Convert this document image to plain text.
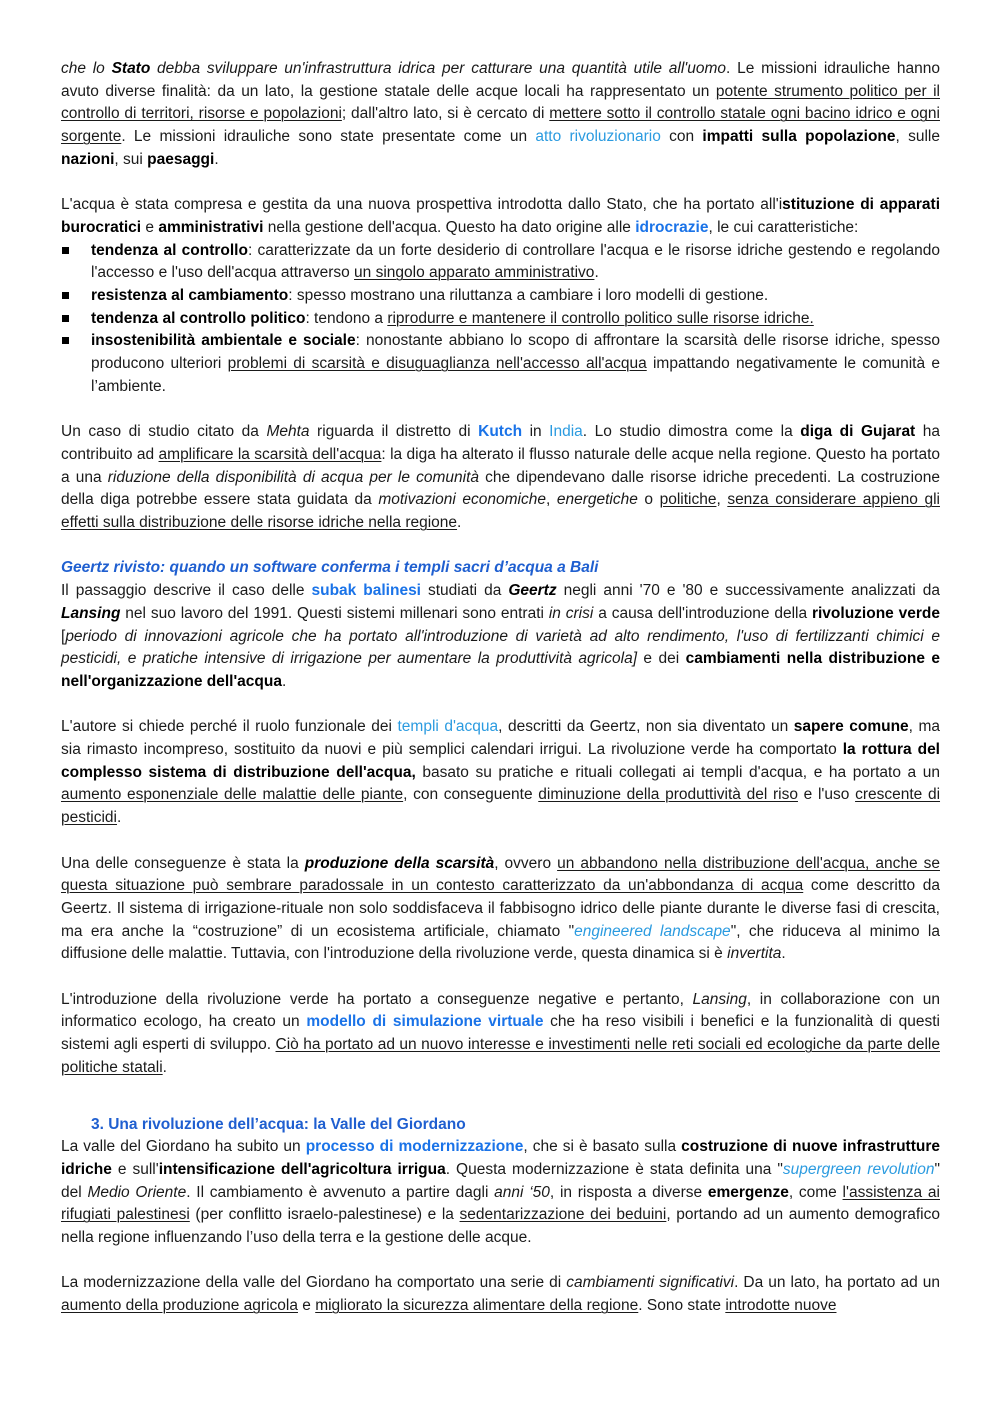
che lo Stato debba sviluppare un'infrastruttura idrica per catturare una quantità utile all'uomo. Le missioni idrauliche hanno avuto diverse finalità: da un lato, la gestione statale delle acque locali ha rappresentato un potente strumento politico per il controllo di territori, risorse e popolazioni; dall'altro lato, si è cercato di mettere sotto il controllo statale ogni bacino idrico e ogni sorgente. Le missioni idrauliche sono state presentate come un atto rivoluzionario con impatti sulla popolazione, sulle nazioni, sui paesaggi.

L'acqua è stata compresa e gestita da una nuova prospettiva introdotta dallo Stato, che ha portato all'istituzione di apparati burocratici e amministrativi nella gestione dell'acqua. Questo ha dato origine alle idrocrazie, le cui caratteristiche:

tendenza al controllo: caratterizzate da un forte desiderio di controllare l'acqua e le risorse idriche gestendo e regolando l'accesso e l'uso dell'acqua attraverso un singolo apparato amministrativo.
resistenza al cambiamento: spesso mostrano una riluttanza a cambiare i loro modelli di gestione.
tendenza al controllo politico: tendono a riprodurre e mantenere il controllo politico sulle risorse idriche.
insostenibilità ambientale e sociale: nonostante abbiano lo scopo di affrontare la scarsità delle risorse idriche, spesso producono ulteriori problemi di scarsità e disuguaglianza nell'accesso all'acqua impattando negativamente le comunità e l’ambiente.

Un caso di studio citato da Mehta riguarda il distretto di Kutch in India. Lo studio dimostra come la diga di Gujarat ha contribuito ad amplificare la scarsità dell'acqua: la diga ha alterato il flusso naturale delle acque nella regione. Questo ha portato a una riduzione della disponibilità di acqua per le comunità che dipendevano dalle risorse idriche precedenti. La costruzione della diga potrebbe essere stata guidata da motivazioni economiche, energetiche o politiche, senza considerare appieno gli effetti sulla distribuzione delle risorse idriche nella regione.

Geertz rivisto: quando un software conferma i templi sacri d’acqua a Bali

Il passaggio descrive il caso delle subak balinesi studiati da Geertz negli anni '70 e '80 e successivamente analizzati da Lansing nel suo lavoro del 1991. Questi sistemi millenari sono entrati in crisi a causa dell'introduzione della rivoluzione verde [periodo di innovazioni agricole che ha portato all'introduzione di varietà ad alto rendimento, l'uso di fertilizzanti chimici e pesticidi, e pratiche intensive di irrigazione per aumentare la produttività agricola] e dei cambiamenti nella distribuzione e nell'organizzazione dell'acqua.

L'autore si chiede perché il ruolo funzionale dei templi d'acqua, descritti da Geertz, non sia diventato un sapere comune, ma sia rimasto incompreso, sostituito da nuovi e più semplici calendari irrigui. La rivoluzione verde ha comportato la rottura del complesso sistema di distribuzione dell'acqua, basato su pratiche e rituali collegati ai templi d'acqua, e ha portato a un aumento esponenziale delle malattie delle piante, con conseguente diminuzione della produttività del riso e l'uso crescente di pesticidi.

Una delle conseguenze è stata la produzione della scarsità, ovvero un abbandono nella distribuzione dell'acqua, anche se questa situazione può sembrare paradossale in un contesto caratterizzato da un'abbondanza di acqua come descritto da Geertz. Il sistema di irrigazione-rituale non solo soddisfaceva il fabbisogno idrico delle piante durante le diverse fasi di crescita, ma era anche la “costruzione” di un ecosistema artificiale, chiamato "engineered landscape", che riduceva al minimo la diffusione delle malattie. Tuttavia, con l'introduzione della rivoluzione verde, questa dinamica si è invertita.

L'introduzione della rivoluzione verde ha portato a conseguenze negative e pertanto, Lansing, in collaborazione con un informatico ecologo, ha creato un modello di simulazione virtuale che ha reso visibili i benefici e la funzionalità di questi sistemi agli esperti di sviluppo. Ciò ha portato ad un nuovo interesse e investimenti nelle reti sociali ed ecologiche da parte delle politiche statali.

3. Una rivoluzione dell’acqua: la Valle del Giordano

La valle del Giordano ha subito un processo di modernizzazione, che si è basato sulla costruzione di nuove infrastrutture idriche e sull'intensificazione dell'agricoltura irrigua. Questa modernizzazione è stata definita una "supergreen revolution" del Medio Oriente. Il cambiamento è avvenuto a partire dagli anni ‘50, in risposta a diverse emergenze, come l'assistenza ai rifugiati palestinesi (per conflitto israelo-palestinese) e la sedentarizzazione dei beduini, portando ad un aumento demografico nella regione influenzando l’uso della terra e la gestione delle acque.

La modernizzazione della valle del Giordano ha comportato una serie di cambiamenti significativi. Da un lato, ha portato ad un aumento della produzione agricola e migliorato la sicurezza alimentare della regione. Sono state introdotte nuove
